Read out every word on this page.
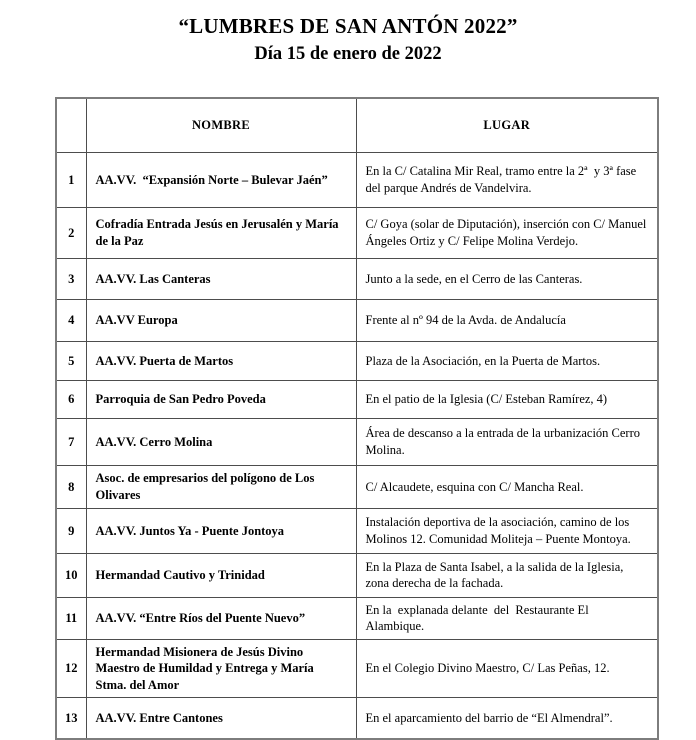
“LUMBRES DE SAN ANTÓN 2022”
Día 15 de enero de 2022
	NOMBRE	LUGAR
1	AA.VV.  “Expansión Norte – Bulevar Jaén”	En la C/ Catalina Mir Real, tramo entre la 2ª  y 3ª fase  del parque Andrés de Vandelvira.
2	Cofradía Entrada Jesús en Jerusalén y María de la Paz	C/ Goya (solar de Diputación), inserción con C/ Manuel Ángeles Ortiz y C/ Felipe Molina Verdejo.
3	AA.VV. Las Canteras	Junto a la sede, en el Cerro de las Canteras.
4	AA.VV Europa	Frente al nº 94 de la Avda. de Andalucía
5	AA.VV. Puerta de Martos	Plaza de la Asociación, en la Puerta de Martos.
6	Parroquia de San Pedro Poveda	En el patio de la Iglesia (C/ Esteban Ramírez, 4)
7	AA.VV. Cerro Molina	Área de descanso a la entrada de la urbanización Cerro Molina.
8	Asoc. de empresarios del polígono de Los Olivares	C/ Alcaudete, esquina con C/ Mancha Real.
9	AA.VV. Juntos Ya - Puente Jontoya	Instalación deportiva de la asociación, camino de los Molinos 12. Comunidad Moliteja – Puente Montoya.
10	Hermandad Cautivo y Trinidad	En la Plaza de Santa Isabel, a la salida de la Iglesia, zona derecha de la fachada.
11	AA.VV. “Entre Ríos del Puente Nuevo”	En la  explanada delante  del  Restaurante El Alambique.
12	Hermandad Misionera de Jesús Divino Maestro de Humildad y Entrega y María Stma. del Amor	En el Colegio Divino Maestro, C/ Las Peñas, 12.
13	AA.VV. Entre Cantones	En el aparcamiento del barrio de “El Almendral”.
